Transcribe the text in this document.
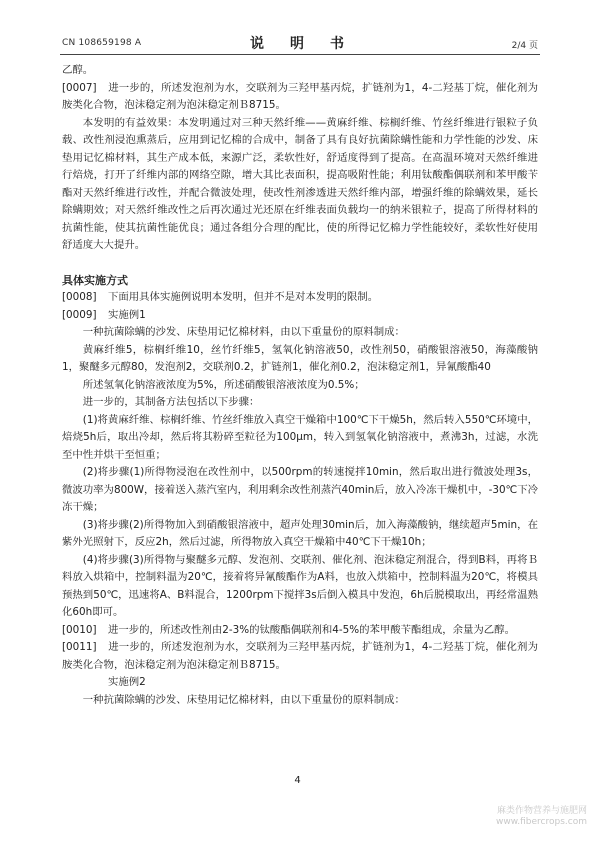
CN 108659198 A	说　明　书	2/4 页

乙醇。

[0007] 进一步的，所述发泡剂为水，交联剂为三羟甲基丙烷，扩链剂为1，4-二羟基丁烷，催化剂为胺类化合物，泡沫稳定剂为泡沫稳定剂Ｂ8715。

本发明的有益效果：本发明通过对三种天然纤维——黄麻纤维、棕榈纤维、竹丝纤维进行银粒子负载、改性剂浸泡熏蒸后，应用到记忆棉的合成中，制备了具有良好抗菌除螨性能和力学性能的沙发、床垫用记忆棉材料，其生产成本低，来源广泛，柔软性好，舒适度得到了提高。在高温环境对天然纤维进行焙烧，打开了纤维内部的网络空隙，增大其比表面积，提高吸附性能；利用钛酸酯偶联剂和苯甲酸苄酯对天然纤维进行改性，并配合微波处理，使改性剂渗透进天然纤维内部，增强纤维的除螨效果，延长除螨期效；对天然纤维改性之后再次通过光还原在纤维表面负载均一的纳米银粒子，提高了所得材料的抗菌性能，使其抗菌性能优良；通过各组分合理的配比，使的所得记忆棉力学性能较好，柔软性好使用舒适度大大提升。

具体实施方式

[0008] 下面用具体实施例说明本发明，但并不是对本发明的限制。

[0009] 实施例1

一种抗菌除螨的沙发、床垫用记忆棉材料，由以下重量份的原料制成：

黄麻纤维5，棕榈纤维10，丝竹纤维5，氢氧化钠溶液50，改性剂50，硝酸银溶液50，海藻酸钠1，聚醚多元醇80，发泡剂2，交联剂0.2，扩链剂1，催化剂0.2，泡沫稳定剂1，异氰酸酯40

所述氢氧化钠溶液浓度为5%，所述硝酸银溶液浓度为0.5%；

进一步的，其制备方法包括以下步骤：

(1)将黄麻纤维、棕榈纤维、竹丝纤维放入真空干燥箱中100℃下干燥5h，然后转入550℃环境中，焙烧5h后，取出冷却，然后将其粉碎至粒径为100μm，转入到氢氧化钠溶液中，煮沸3h，过滤，水洗至中性并烘干至恒重；

(2)将步骤(1)所得物浸泡在改性剂中，以500rpm的转速搅拌10min，然后取出进行微波处理3s，微波功率为800W，接着送入蒸汽室内，利用剩余改性剂蒸汽40min后，放入冷冻干燥机中，-30℃下冷冻干燥；

(3)将步骤(2)所得物加入到硝酸银溶液中，超声处理30min后，加入海藻酸钠，继续超声5min，在紫外光照射下，反应2h，然后过滤，所得物放入真空干燥箱中40℃下干燥10h；

(4)将步骤(3)所得物与聚醚多元醇、发泡剂、交联剂、催化剂、泡沫稳定剂混合，得到B料，再将Ｂ料放入烘箱中，控制料温为20℃，接着将异氰酸酯作为A料，也放入烘箱中，控制料温为20℃，将模具预热到50℃，迅速将A、B料混合，1200rpm下搅拌3s后倒入模具中发泡，6h后脱模取出，再经常温熟化60h即可。

[0010] 进一步的，所述改性剂由2-3%的钛酸酯偶联剂和4-5%的苯甲酸苄酯组成，余量为乙醇。

[0011] 进一步的，所述发泡剂为水，交联剂为三羟甲基丙烷，扩链剂为1，4-二羟基丁烷，催化剂为胺类化合物，泡沫稳定剂为泡沫稳定剂Ｂ8715。

实施例2

一种抗菌除螨的沙发、床垫用记忆棉材料，由以下重量份的原料制成：

4
麻类作物营养与施肥网
www.fibercrops.com
